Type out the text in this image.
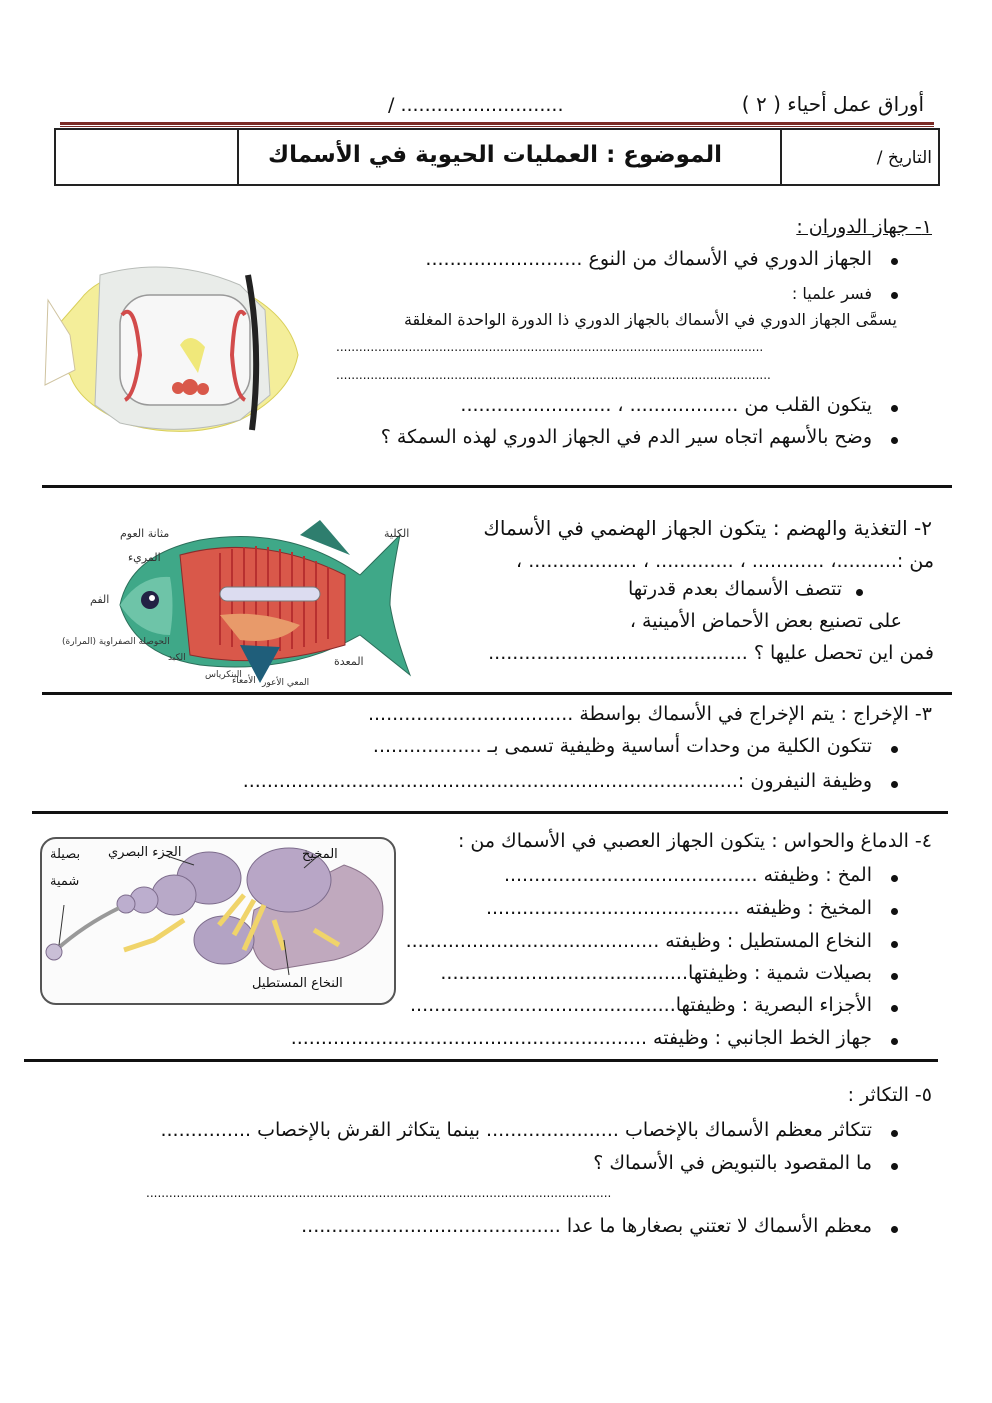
أوراق عمل أحياء ( ٢ )
/ ...........................
التاريخ /
الموضوع : العمليات الحيوية في الأسماك
١- جهاز الدوران :
الجهاز الدوري في الأسماك من النوع ..........................
فسر علميا :
يسمَّى الجهاز الدوري في الأسماك بالجهاز الدوري ذا الدورة الواحدة المغلقة
................................................................................................................
..................................................................................................................
يتكون القلب من .................. ، .........................
وضح بالأسهم اتجاه سير الدم في الجهاز الدوري لهذه السمكة ؟
مثانة العوم
المريء
الكلية
الفم
الحوصلة الصفراوية (المرارة)
الكبد
البنكرياس
الأمعاء المعي الأعور
المعدة
٢- التغذية والهضم : يتكون الجهاز الهضمي في الأسماك
من :..........، ............ ، ............. ، .................. ،
تتصف الأسماك بعدم قدرتها
على تصنيع بعض الأحماض الأمينية ،
فمن اين تحصل عليها ؟ ...........................................
٣- الإخراج : يتم الإخراج في الأسماك بواسطة ..................................
تتكون الكلية من وحدات أساسية وظيفية تسمى بـ ..................
وظيفة النيفرون :..................................................................................
بصيلة
شمية
الجزء البصري	المخيخ
النخاع المستطيل
٤- الدماغ والحواس : يتكون الجهاز العصبي في الأسماك من :
المخ : وظيفته ..........................................
المخيخ : وظيفته ..........................................
النخاع المستطيل : وظيفته ..........................................
بصيلات شمية : وظيفتها.........................................
الأجزاء البصرية : وظيفتها............................................
جهاز الخط الجانبي : وظيفته ...........................................................
٥- التكاثر :
تتكاثر معظم الأسماك بالإخصاب ...................... بينما يتكاثر القرش بالإخصاب ...............
ما المقصود بالتبويض في الأسماك ؟
..........................................................................................................................
معظم الأسماك لا تعتني بصغارها ما عدا ...........................................
